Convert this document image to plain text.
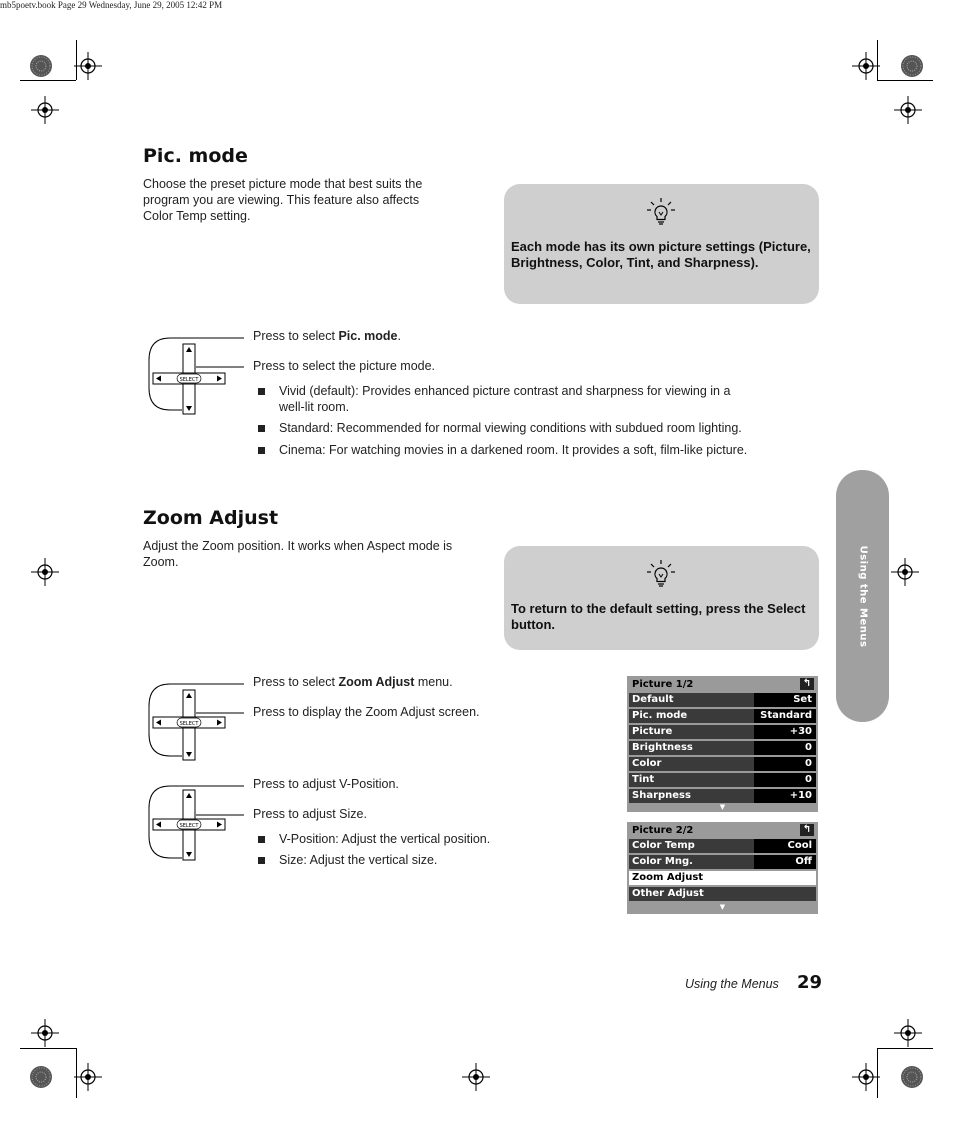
mb5poetv.book Page 29 Wednesday, June 29, 2005 12:42 PM
Pic. mode
Choose the preset picture mode that best suits the program you are viewing. This feature also affects Color Temp setting.
Each mode has its own picture settings (Picture, Brightness, Color, Tint, and Sharpness).
SELECT
Press to select Pic. mode.
Press to select the picture mode.
Vivid (default): Provides enhanced picture contrast and sharpness for viewing in a well-lit room.
Standard: Recommended for normal viewing conditions with subdued room lighting.
Cinema: For watching movies in a darkened room. It provides a soft, film-like picture.
Zoom Adjust
Adjust the Zoom position. It works when Aspect mode is Zoom.
To return to the default setting, press the Select button.
SELECT
Press to select Zoom Adjust menu.
Press to display the Zoom Adjust screen.
SELECT
Press to adjust V-Position.
Press to adjust Size.
V-Position: Adjust the vertical position.
Size: Adjust the vertical size.
Picture 1/2	↰
Default	Set
Pic. mode	Standard
Picture	+30
Brightness	0
Color	0
Tint	0
Sharpness	+10
▼
Picture 2/2	↰
Color Temp	Cool
Color Mng.	Off
Zoom Adjust
Other Adjust
▼
Using the Menus
Using the Menus 29
